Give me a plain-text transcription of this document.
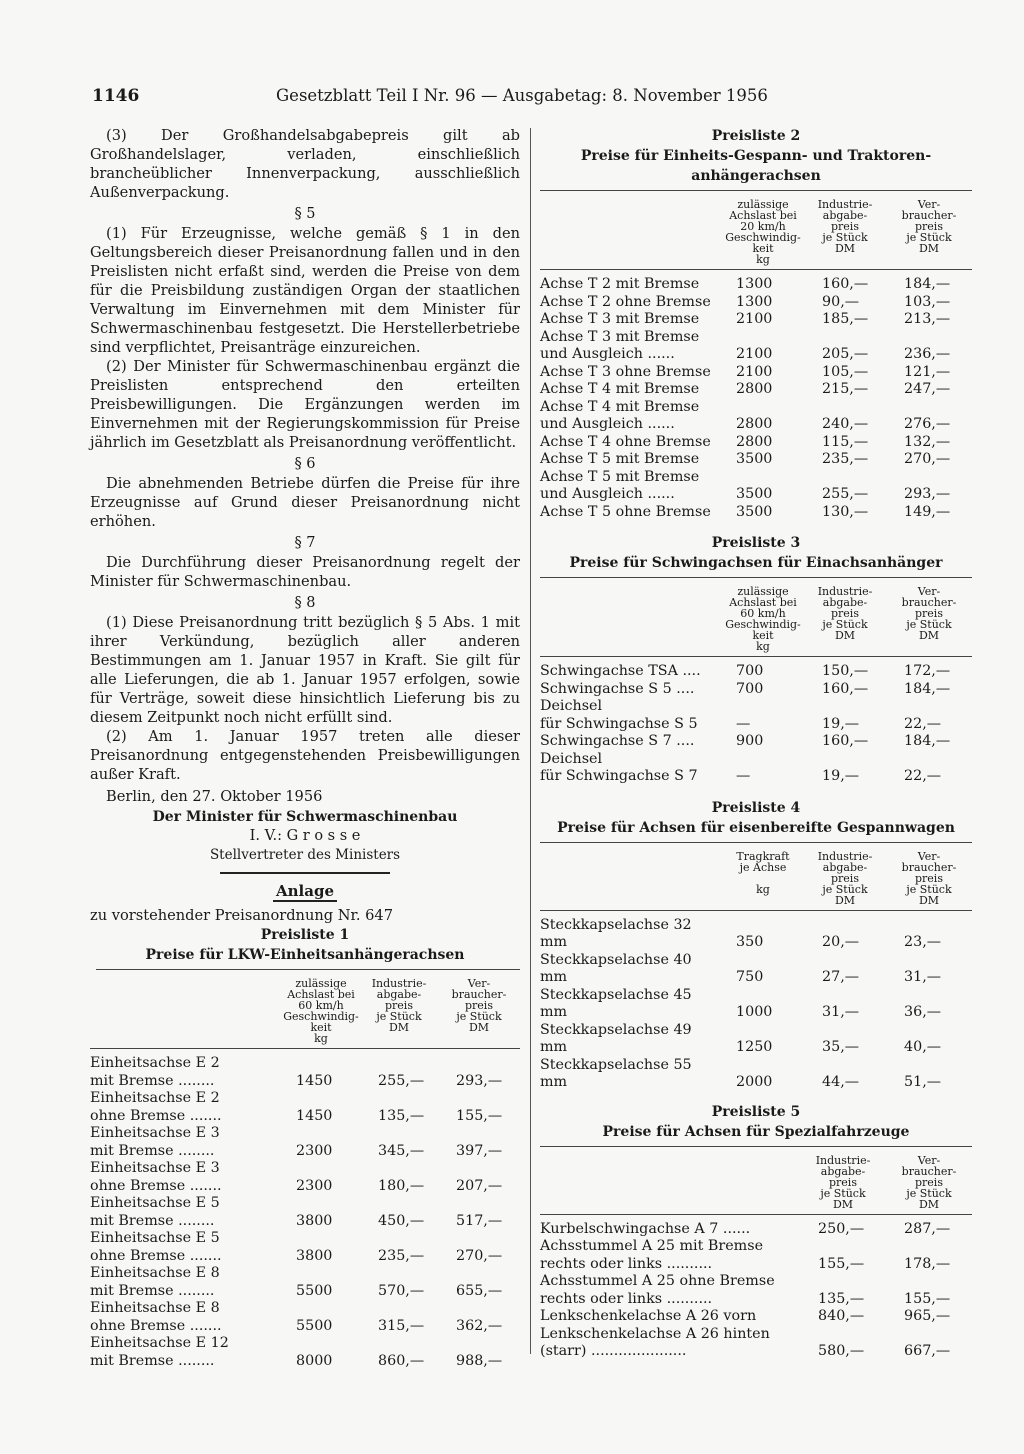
1146	Gesetzblatt Teil I Nr. 96 — Ausgabetag: 8. November 1956

(3) Der Großhandelsabgabepreis gilt ab Großhandelslager, verladen, einschließlich brancheüblicher Innenverpackung, ausschließlich Außenverpackung.

§ 5

(1) Für Erzeugnisse, welche gemäß § 1 in den Geltungsbereich dieser Preisanordnung fallen und in den Preislisten nicht erfaßt sind, werden die Preise von dem für die Preisbildung zuständigen Organ der staatlichen Verwaltung im Einvernehmen mit dem Minister für Schwermaschinenbau festgesetzt. Die Herstellerbetriebe sind verpflichtet, Preisanträge einzureichen.

(2) Der Minister für Schwermaschinenbau ergänzt die Preislisten entsprechend den erteilten Preisbewilligungen. Die Ergänzungen werden im Einvernehmen mit der Regierungskommission für Preise jährlich im Gesetzblatt als Preisanordnung veröffentlicht.

§ 6

Die abnehmenden Betriebe dürfen die Preise für ihre Erzeugnisse auf Grund dieser Preisanordnung nicht erhöhen.

§ 7

Die Durchführung dieser Preisanordnung regelt der Minister für Schwermaschinenbau.

§ 8

(1) Diese Preisanordnung tritt bezüglich § 5 Abs. 1 mit ihrer Verkündung, bezüglich aller anderen Bestimmungen am 1. Januar 1957 in Kraft. Sie gilt für alle Lieferungen, die ab 1. Januar 1957 erfolgen, sowie für Verträge, soweit diese hinsichtlich Lieferung bis zu diesem Zeitpunkt noch nicht erfüllt sind.

(2) Am 1. Januar 1957 treten alle dieser Preisanordnung entgegenstehenden Preisbewilligungen außer Kraft.

Berlin, den 27. Oktober 1956

Der Minister für Schwermaschinenbau
I. V.: G r o s s e
Stellvertreter des Ministers
Anlage

zu vorstehender Preisanordnung Nr. 647

Preisliste 1
Preise für LKW-Einheitsanhängerachsen
zulässige
Achslast bei
60 km/h
Geschwindig-
keit
kg
Industrie-
abgabe-
preis
je Stück
DM
Ver-
braucher-
preis
je Stück
DM
Einheitsachse E 2
mit Bremse ........	1450	255,—	293,—
Einheitsachse E 2
ohne Bremse .......	1450	135,—	155,—
Einheitsachse E 3
mit Bremse ........	2300	345,—	397,—
Einheitsachse E 3
ohne Bremse .......	2300	180,—	207,—
Einheitsachse E 5
mit Bremse ........	3800	450,—	517,—
Einheitsachse E 5
ohne Bremse .......	3800	235,—	270,—
Einheitsachse E 8
mit Bremse ........	5500	570,—	655,—
Einheitsachse E 8
ohne Bremse .......	5500	315,—	362,—
Einheitsachse E 12
mit Bremse ........	8000	860,—	988,—
Preisliste 2
Preise für Einheits-Gespann- und Traktoren-
anhängerachsen
zulässige
Achslast bei
20 km/h
Geschwindig-
keit
kg
Industrie-
abgabe-
preis
je Stück
DM
Ver-
braucher-
preis
je Stück
DM
Achse T 2 mit Bremse	1300	160,—	184,—
Achse T 2 ohne Bremse	1300	90,—	103,—
Achse T 3 mit Bremse	2100	185,—	213,—
Achse T 3 mit Bremse
und Ausgleich ......	2100	205,—	236,—
Achse T 3 ohne Bremse	2100	105,—	121,—
Achse T 4 mit Bremse	2800	215,—	247,—
Achse T 4 mit Bremse
und Ausgleich ......	2800	240,—	276,—
Achse T 4 ohne Bremse	2800	115,—	132,—
Achse T 5 mit Bremse	3500	235,—	270,—
Achse T 5 mit Bremse
und Ausgleich ......	3500	255,—	293,—
Achse T 5 ohne Bremse	3500	130,—	149,—
Preisliste 3
Preise für Schwingachsen für Einachsanhänger
zulässige
Achslast bei
60 km/h
Geschwindig-
keit
kg
Industrie-
abgabe-
preis
je Stück
DM
Ver-
braucher-
preis
je Stück
DM
Schwingachse TSA ....	700	150,—	172,—
Schwingachse S 5 ....	700	160,—	184,—
Deichsel
für Schwingachse S 5	—	19,—	22,—
Schwingachse S 7 ....	900	160,—	184,—
Deichsel
für Schwingachse S 7	—	19,—	22,—
Preisliste 4
Preise für Achsen für eisenbereifte Gespannwagen
Tragkraft
je Achse

kg
Industrie-
abgabe-
preis
je Stück
DM
Ver-
braucher-
preis
je Stück
DM
Steckkapselachse 32 mm	350	20,—	23,—
Steckkapselachse 40 mm	750	27,—	31,—
Steckkapselachse 45 mm	1000	31,—	36,—
Steckkapselachse 49 mm	1250	35,—	40,—
Steckkapselachse 55 mm	2000	44,—	51,—
Preisliste 5
Preise für Achsen für Spezialfahrzeuge
Industrie-
abgabe-
preis
je Stück
DM
Ver-
braucher-
preis
je Stück
DM
Kurbelschwingachse A 7 ......	250,—	287,—
Achsstummel A 25 mit Bremse
rechts oder links ..........	155,—	178,—
Achsstummel A 25 ohne Bremse
rechts oder links ..........	135,—	155,—
Lenkschenkelachse A 26 vorn	840,—	965,—
Lenkschenkelachse A 26 hinten
(starr) .....................	580,—	667,—
